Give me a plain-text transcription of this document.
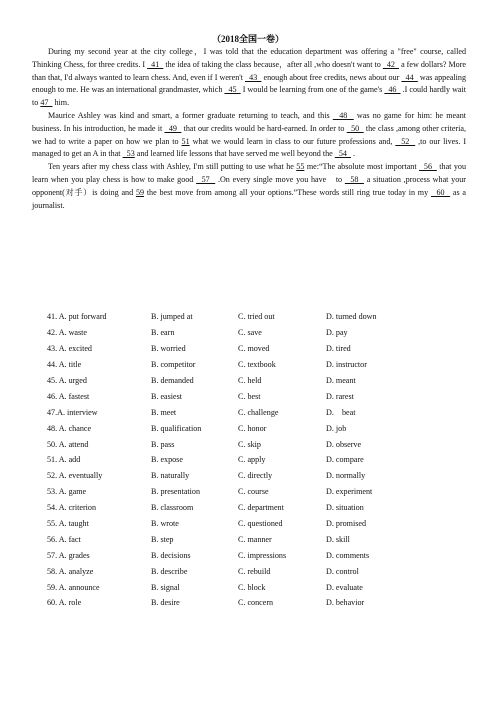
（2018全国一卷）

During my second year at the city college，I was told that the education department was offering a "free" course, called Thinking Chess, for three credits. I   41   the idea of taking the class because，after all ,who doesn't want to   42   a few dollars? More than that, I'd always wanted to learn chess. And, even if I weren't   43   enough about free credits, news about our   44   was appealing enough to me. He was an international grandmaster, which   45   I would be learning from one of the game's   46   .I could hardly wait to 47   him.

Maurice Ashley was kind and smart, a former graduate returning to teach, and this   48   was no game for him: he meant business. In his introduction, he made it   49   that our credits would be hard-earned. In order to   50   the class ,among other criteria, we had to write a paper on how we plan to 51 what we would learn in class to our future professions and,   52   ,to our lives. I managed to get an A in that   53 and learned life lessons that have served me well beyond the   54   .

Ten years after my chess class with Ashley, I'm still putting to use what he 55 me:“The absolute most important   56   that you learn when you play chess is how to make good   57   .On every single move you have　to   58   a situation ,process what your opponent(对手）is doing and 59 the best move from among all your options.”These words still ring true today in my   60   as a journalist.

41. A. put forward	B. jumped at	C. tried out	D. turned down
42. A. waste	B. earn	C. save	D. pay
43. A. excited	B. worried	C. moved	D. tired
44. A. title	B. competitor	C. textbook	D. instructor
45. A. urged	B. demanded	C. held	D. meant
46. A. fastest	B. easiest	C. best	D. rarest
47.A. interview	B. meet	C. challenge	D.　beat
48. A. chance	B. qualification	C. honor	D. job
50. A. attend	B. pass	C. skip	D. observe
51. A. add	B. expose	C. apply	D. compare
52. A. eventually	B. naturally	C. directly	D. normally
53. A. game	B. presentation	C. course	D. experiment
54. A. criterion	B. classroom	C. department	D. situation
55. A. taught	B. wrote	C. questioned	D. promised
56. A. fact	B. step	C. manner	D. skill
57. A. grades	B. decisions	C. impressions	D. comments
58. A. analyze	B. describe	C. rebuild	D. control
59. A. announce	B. signal	C. block	D. evaluate
60. A. role	B. desire	C. concern	D. behavior
